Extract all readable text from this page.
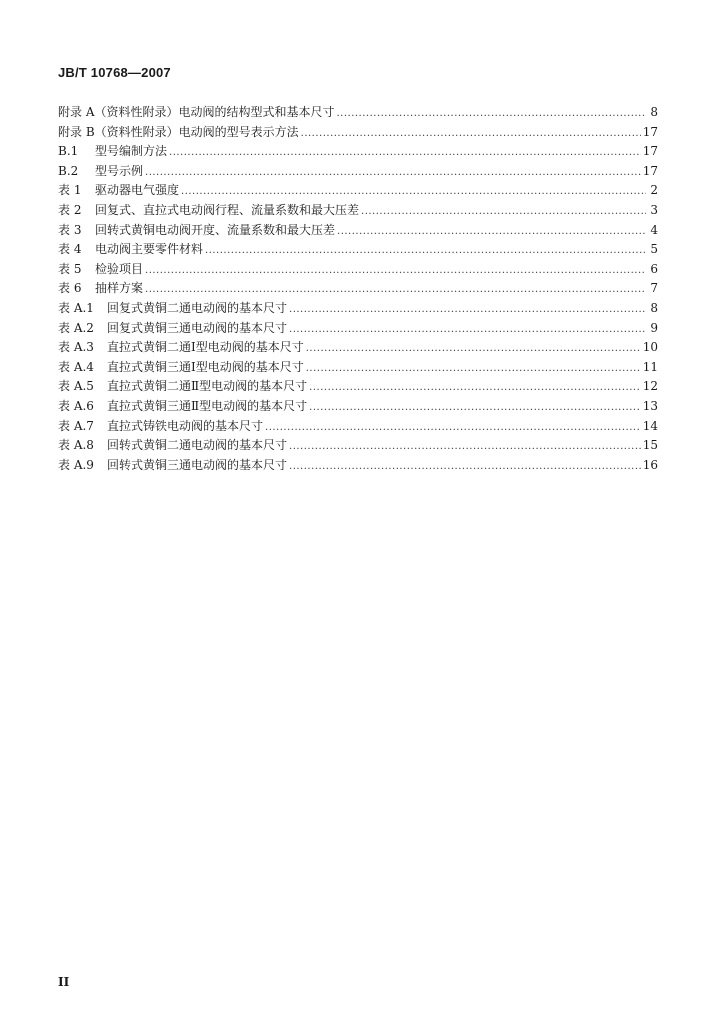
JB/T 10768—2007
附录 A（资料性附录）电动阀的结构型式和基本尺寸 .....	8
附录 B（资料性附录）电动阀的型号表示方法 .....	17
B.1	型号编制方法 .....	17
B.2	型号示例 .....	17
表 1	驱动器电气强度 .....	2
表 2	回复式、直拉式电动阀行程、流量系数和最大压差 .....	3
表 3	回转式黄铜电动阀开度、流量系数和最大压差 .....	4
表 4	电动阀主要零件材料 .....	5
表 5	检验项目 .....	6
表 6	抽样方案 .....	7
表 A.1	回复式黄铜二通电动阀的基本尺寸 .....	8
表 A.2	回复式黄铜三通电动阀的基本尺寸 .....	9
表 A.3	直拉式黄铜二通Ⅰ型电动阀的基本尺寸 .....	10
表 A.4	直拉式黄铜三通Ⅰ型电动阀的基本尺寸 .....	11
表 A.5	直拉式黄铜二通Ⅱ型电动阀的基本尺寸 .....	12
表 A.6	直拉式黄铜三通Ⅱ型电动阀的基本尺寸 .....	13
表 A.7	直拉式铸铁电动阀的基本尺寸 .....	14
表 A.8	回转式黄铜二通电动阀的基本尺寸 .....	15
表 A.9	回转式黄铜三通电动阀的基本尺寸 .....	16
II
